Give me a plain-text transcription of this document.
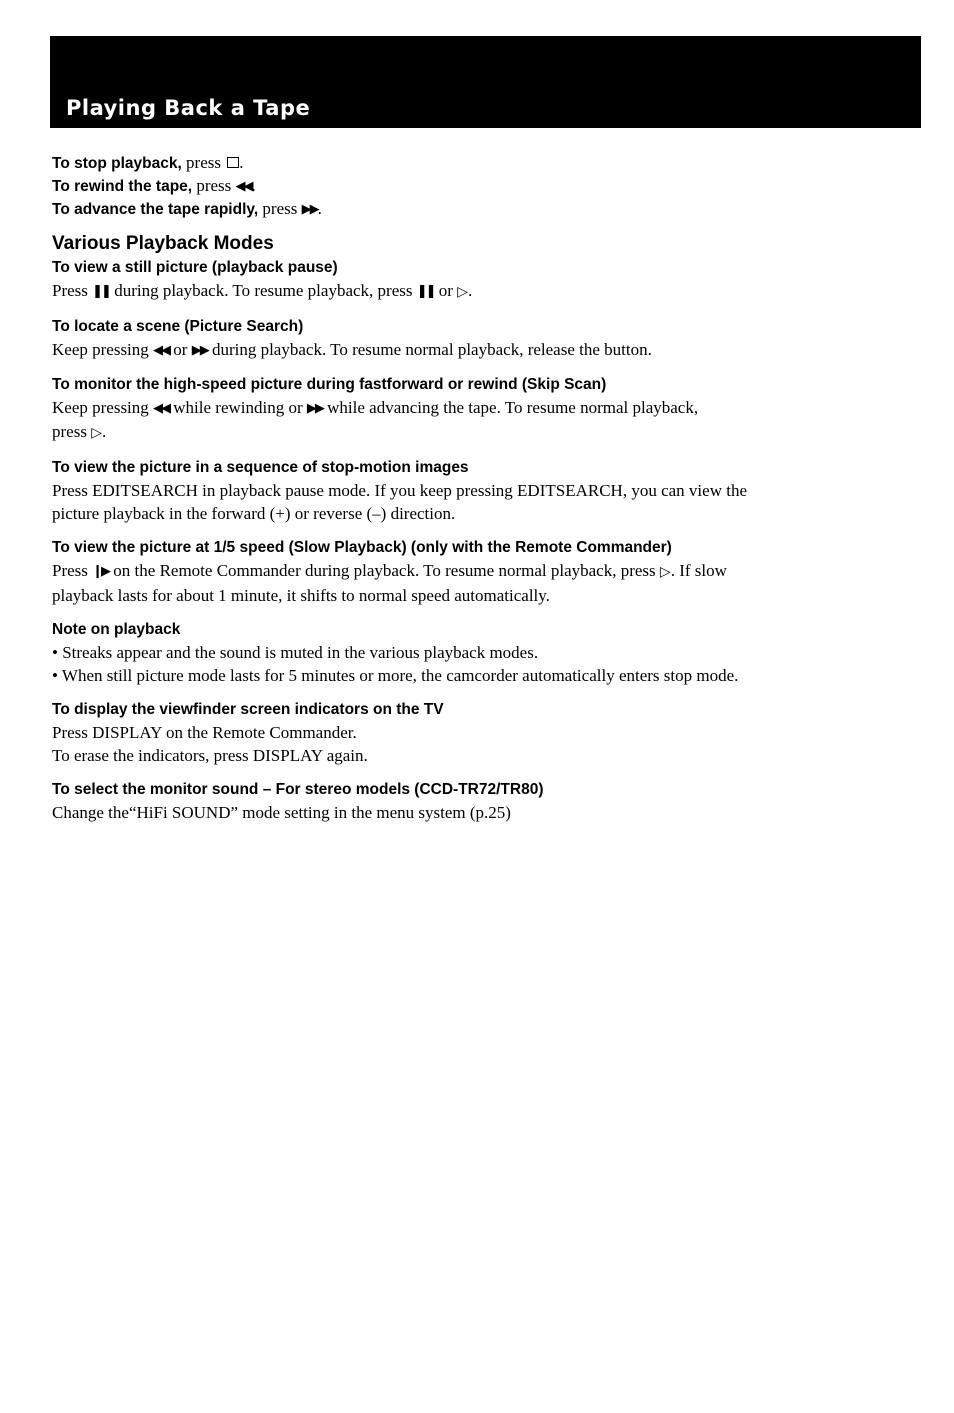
Playing Back a Tape
To stop playback, press .
To rewind the tape, press ◀◀.
To advance the tape rapidly, press ▶▶.
Various Playback Modes
To view a still picture (playback pause)
Press ❚❚ during playback. To resume playback, press ❚❚ or ▷.
To locate a scene (Picture Search)
Keep pressing ◀◀ or ▶▶ during playback. To resume normal playback, release the button.
To monitor the high-speed picture during fastforward or rewind (Skip Scan)
Keep pressing ◀◀ while rewinding or ▶▶ while advancing the tape. To resume normal playback,
press ▷.
To view the picture in a sequence of stop-motion images
Press EDITSEARCH in playback pause mode. If you keep pressing EDITSEARCH, you can view the
picture playback in the forward (+) or reverse (–) direction.
To view the picture at 1/5 speed (Slow Playback) (only with the Remote Commander)
Press ❙▶ on the Remote Commander during playback. To resume normal playback, press ▷. If slow
playback lasts for about 1 minute, it shifts to normal speed automatically.
Note on playback
• Streaks appear and the sound is muted in the various playback modes.
• When still picture mode lasts for 5 minutes or more, the camcorder automatically enters stop mode.
To display the viewfinder screen indicators on the TV
Press DISPLAY on the Remote Commander.
To erase the indicators, press DISPLAY again.
To select the monitor sound – For stereo models (CCD-TR72/TR80)
Change the“HiFi SOUND” mode setting in the menu system (p.25)
